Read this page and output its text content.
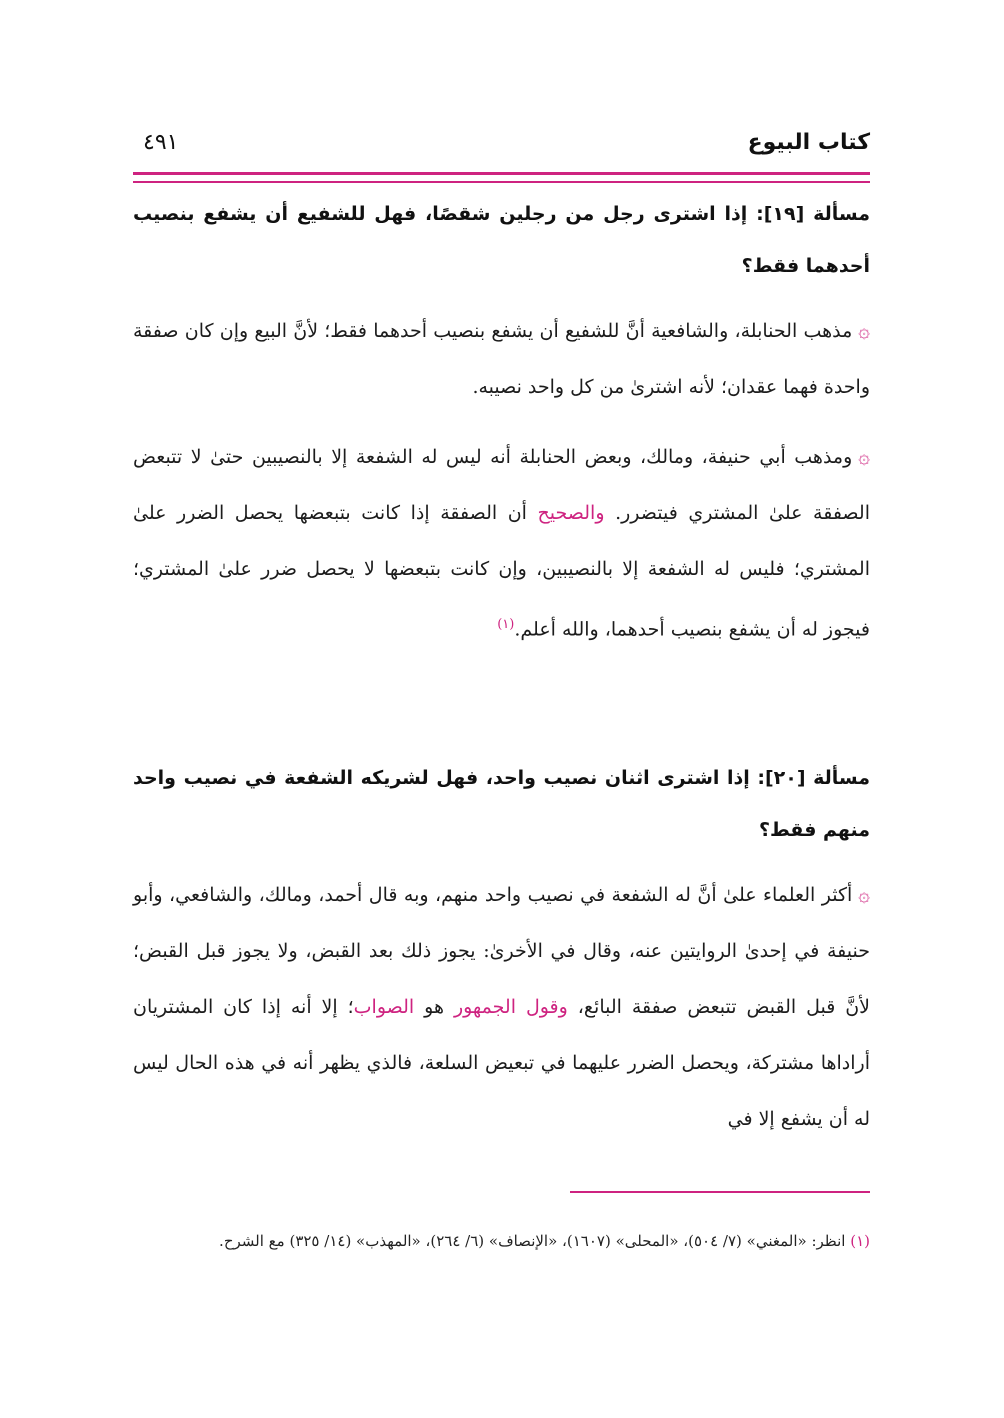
كتاب البيوع
٤٩١
مسألة [١٩]: إذا اشترى رجل من رجلين شقصًا، فهل للشفيع أن يشفع بنصيب أحدهما فقط؟
۞مذهب الحنابلة، والشافعية أنَّ للشفيع أن يشفع بنصيب أحدهما فقط؛ لأنَّ البيع وإن كان صفقة واحدة فهما عقدان؛ لأنه اشترىٰ من كل واحد نصيبه.
۞ومذهب أبي حنيفة، ومالك، وبعض الحنابلة أنه ليس له الشفعة إلا بالنصيبين حتىٰ لا تتبعض الصفقة علىٰ المشتري فيتضرر. والصحيح أن الصفقة إذا كانت بتبعضها يحصل الضرر علىٰ المشتري؛ فليس له الشفعة إلا بالنصيبين، وإن كانت بتبعضها لا يحصل ضرر علىٰ المشتري؛ فيجوز له أن يشفع بنصيب أحدهما، والله أعلم.$^{(١)}$
مسألة [٢٠]: إذا اشترى اثنان نصيب واحد، فهل لشريكه الشفعة في نصيب واحد منهم فقط؟
۞أكثر العلماء علىٰ أنَّ له الشفعة في نصيب واحد منهم، وبه قال أحمد، ومالك، والشافعي، وأبو حنيفة في إحدىٰ الروايتين عنه، وقال في الأخرىٰ: يجوز ذلك بعد القبض، ولا يجوز قبل القبض؛ لأنَّ قبل القبض تتبعض صفقة البائع، وقول الجمهور هو الصواب؛ إلا أنه إذا كان المشتريان أراداها مشتركة، ويحصل الضرر عليهما في تبعيض السلعة، فالذي يظهر أنه في هذه الحال ليس له أن يشفع إلا في
(١) انظر: «المغني» (٧/ ٥٠٤)، «المحلى» (١٦٠٧)، «الإنصاف» (٦/ ٢٦٤)، «المهذب» (١٤/ ٣٢٥) مع الشرح.
